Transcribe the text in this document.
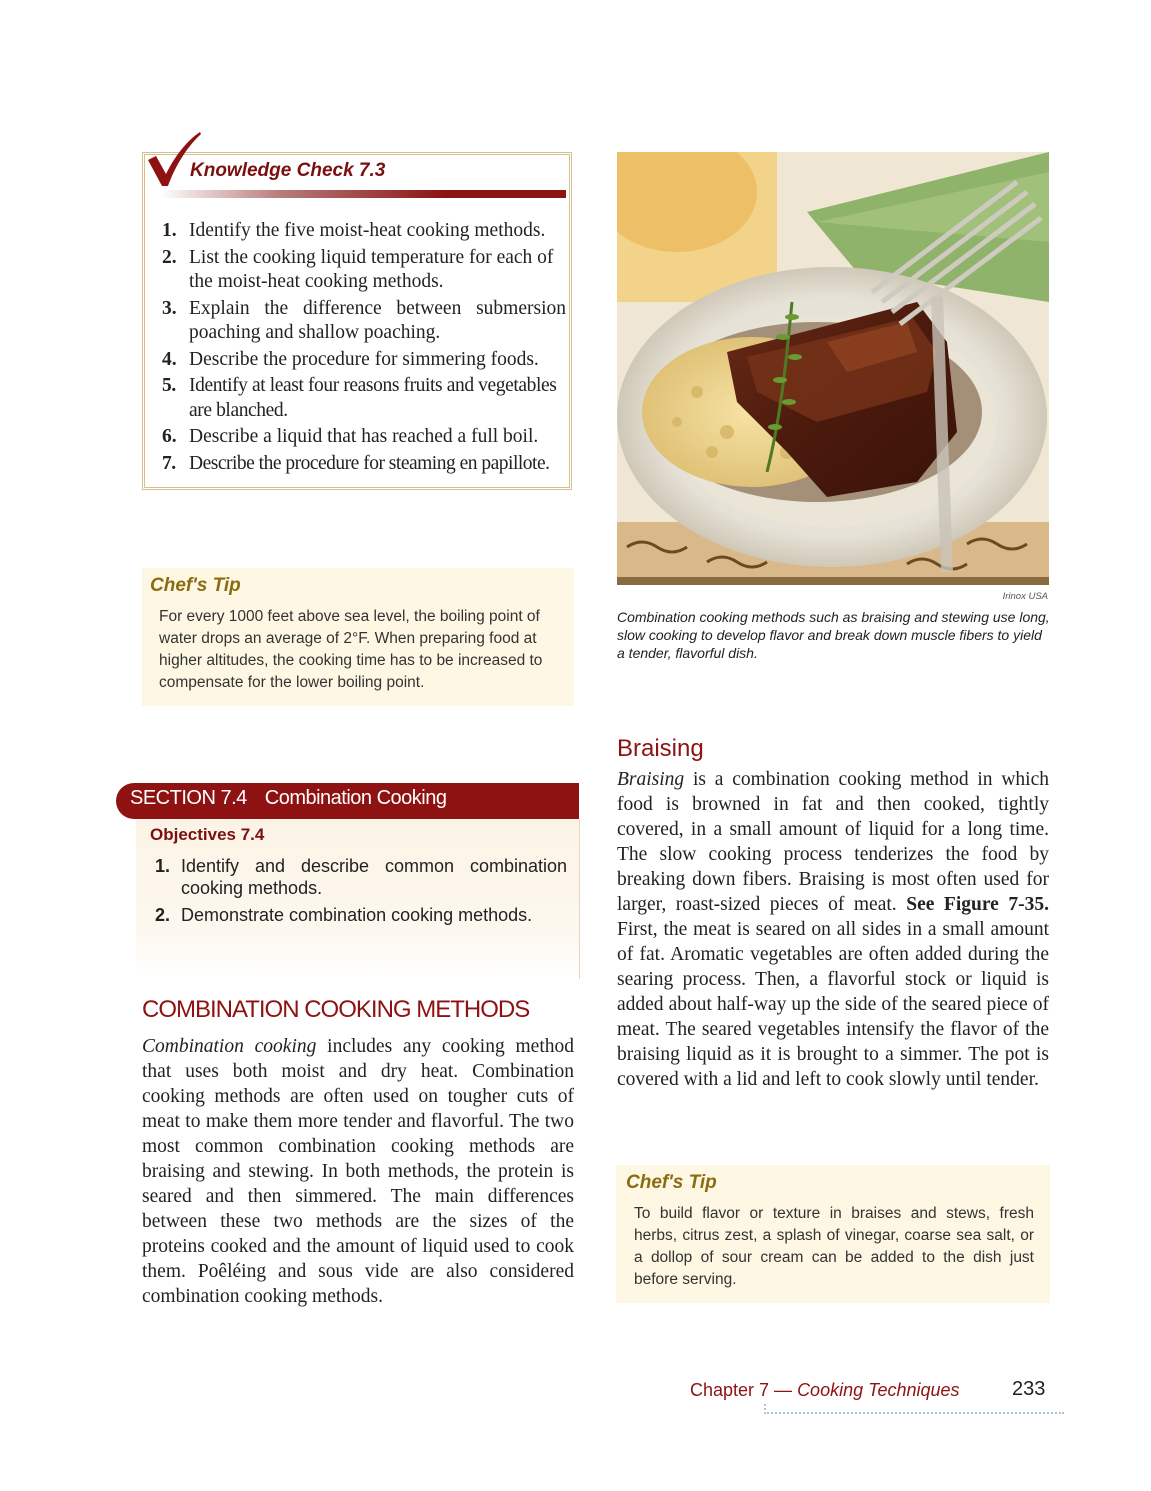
Knowledge Check 7.3
1. Identify the five moist-heat cooking methods.
2. List the cooking liquid temperature for each of the moist-heat cooking methods.
3. Explain the difference between submersion poaching and shallow poaching.
4. Describe the procedure for simmering foods.
5. Identify at least four reasons fruits and vegetables are blanched.
6. Describe a liquid that has reached a full boil.
7. Describe the procedure for steaming en papillote.
Chef's Tip
For every 1000 feet above sea level, the boiling point of water drops an average of 2°F. When preparing food at higher altitudes, the cooking time has to be increased to compensate for the lower boiling point.
Irinox USA
Combination cooking methods such as braising and stewing use long, slow cooking to develop flavor and break down muscle fibers to yield a tender, flavorful dish.
Braising
Braising is a combination cooking method in which food is browned in fat and then cooked, tightly covered, in a small amount of liquid for a long time. The slow cooking process tenderizes the food by breaking down fibers. Braising is most often used for larger, roast-sized pieces of meat. See Figure 7-35. First, the meat is seared on all sides in a small amount of fat. Aromatic vegetables are often added during the searing process. Then, a flavorful stock or liquid is added about half-way up the side of the seared piece of meat. The seared vegetables intensify the flavor of the braising liquid as it is brought to a simmer. The pot is covered with a lid and left to cook slowly until tender.
SECTION 7.4 Combination Cooking
Objectives 7.4
1. Identify and describe common combination cooking methods.
2. Demonstrate combination cooking methods.
COMBINATION COOKING METHODS
Combination cooking includes any cooking method that uses both moist and dry heat. Combination cooking methods are often used on tougher cuts of meat to make them more tender and flavorful. The two most common combination cooking methods are braising and stewing. In both methods, the protein is seared and then simmered. The main differences between these two methods are the sizes of the proteins cooked and the amount of liquid used to cook them. Poêléing and sous vide are also considered combination cooking methods.
Chef's Tip
To build flavor or texture in braises and stews, fresh herbs, citrus zest, a splash of vinegar, coarse sea salt, or a dollop of sour cream can be added to the dish just before serving.
Chapter 7 — Cooking Techniques	233
